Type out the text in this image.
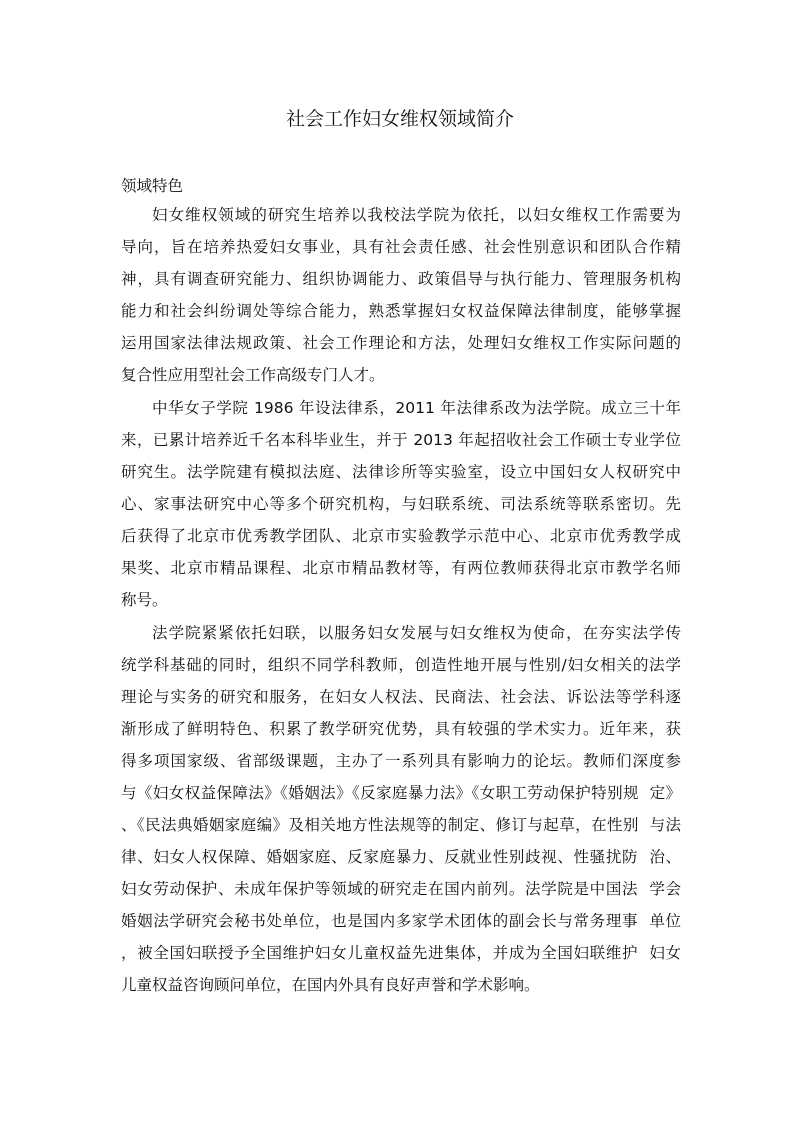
社会工作妇女维权领域简介
领域特色
妇女维权领域的研究生培养以我校法学院为依托，以妇女维权工作需要为
导向，旨在培养热爱妇女事业，具有社会责任感、社会性别意识和团队合作精
神，具有调查研究能力、组织协调能力、政策倡导与执行能力、管理服务机构
能力和社会纠纷调处等综合能力，熟悉掌握妇女权益保障法律制度，能够掌握
运用国家法律法规政策、社会工作理论和方法，处理妇女维权工作实际问题的
复合性应用型社会工作高级专门人才。
中华女子学院 1986 年设法律系，2011 年法律系改为法学院。成立三十年
来，已累计培养近千名本科毕业生，并于 2013 年起招收社会工作硕士专业学位
研究生。法学院建有模拟法庭、法律诊所等实验室，设立中国妇女人权研究中
心、家事法研究中心等多个研究机构，与妇联系统、司法系统等联系密切。先
后获得了北京市优秀教学团队、北京市实验教学示范中心、北京市优秀教学成
果奖、北京市精品课程、北京市精品教材等，有两位教师获得北京市教学名师
称号。
法学院紧紧依托妇联，以服务妇女发展与妇女维权为使命，在夯实法学传
统学科基础的同时，组织不同学科教师，创造性地开展与性别/妇女相关的法学
理论与实务的研究和服务，在妇女人权法、民商法、社会法、诉讼法等学科逐
渐形成了鲜明特色、积累了教学研究优势，具有较强的学术实力。近年来，获
得多项国家级、省部级课题，主办了一系列具有影响力的论坛。教师们深度参
与《妇女权益保障法》《婚姻法》《反家庭暴力法》《女职工劳动保护特别规  定》
、《民法典婚姻家庭编》及相关地方性法规等的制定、修订与起草，在性别  与法
律、妇女人权保障、婚姻家庭、反家庭暴力、反就业性别歧视、性骚扰防  治、
妇女劳动保护、未成年保护等领域的研究走在国内前列。法学院是中国法  学会
婚姻法学研究会秘书处单位，也是国内多家学术团体的副会长与常务理事  单位
，被全国妇联授予全国维护妇女儿童权益先进集体，并成为全国妇联维护  妇女
儿童权益咨询顾问单位，在国内外具有良好声誉和学术影响。
